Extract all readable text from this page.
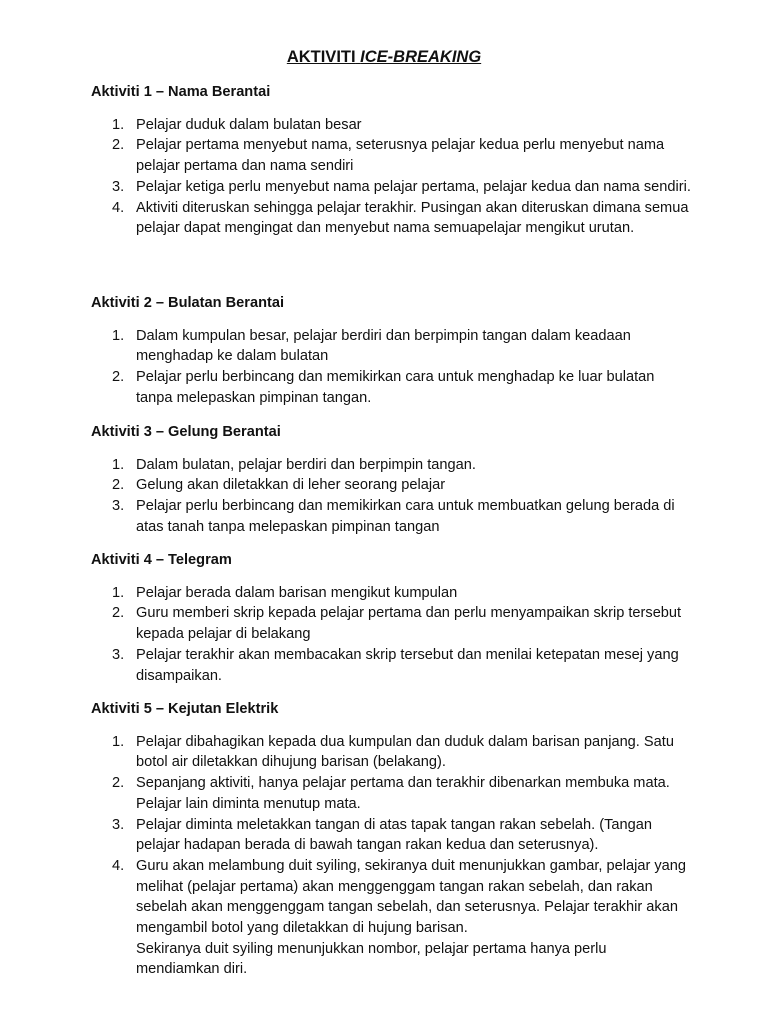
AKTIVITI ICE-BREAKING
Aktiviti 1 – Nama Berantai
1. Pelajar duduk dalam bulatan besar
2. Pelajar pertama menyebut nama, seterusnya pelajar kedua perlu menyebut nama pelajar pertama dan nama sendiri
3. Pelajar ketiga perlu menyebut nama pelajar pertama, pelajar kedua dan nama sendiri.
4. Aktiviti diteruskan sehingga pelajar terakhir. Pusingan akan diteruskan dimana semua pelajar dapat mengingat dan menyebut nama semuapelajar mengikut urutan.
Aktiviti 2 – Bulatan Berantai
1. Dalam kumpulan besar, pelajar berdiri dan berpimpin tangan dalam keadaan menghadap ke dalam bulatan
2. Pelajar perlu berbincang dan memikirkan cara untuk menghadap ke luar bulatan tanpa melepaskan pimpinan tangan.
Aktiviti 3 – Gelung Berantai
1. Dalam bulatan, pelajar berdiri dan berpimpin tangan.
2. Gelung akan diletakkan di leher seorang pelajar
3. Pelajar perlu berbincang dan memikirkan cara untuk membuatkan gelung berada di atas tanah tanpa melepaskan pimpinan tangan
Aktiviti 4 – Telegram
1. Pelajar berada dalam barisan mengikut kumpulan
2. Guru memberi skrip kepada pelajar pertama dan perlu menyampaikan skrip tersebut kepada pelajar di belakang
3. Pelajar terakhir akan membacakan skrip tersebut dan menilai ketepatan mesej yang disampaikan.
Aktiviti 5 – Kejutan Elektrik
1. Pelajar dibahagikan kepada dua kumpulan dan duduk dalam barisan panjang. Satu botol air diletakkan dihujung barisan (belakang).
2. Sepanjang aktiviti, hanya pelajar pertama dan terakhir dibenarkan membuka mata. Pelajar lain diminta menutup mata.
3. Pelajar diminta meletakkan tangan di atas tapak tangan rakan sebelah. (Tangan pelajar hadapan berada di bawah tangan rakan kedua dan seterusnya).
4. Guru akan melambung duit syiling, sekiranya duit menunjukkan gambar, pelajar yang melihat (pelajar pertama) akan menggenggam tangan rakan sebelah, dan rakan sebelah akan menggenggam tangan sebelah, dan seterusnya. Pelajar terakhir akan mengambil botol yang diletakkan di hujung barisan.
Sekiranya duit syiling menunjukkan nombor, pelajar pertama hanya perlu mendiamkan diri.
